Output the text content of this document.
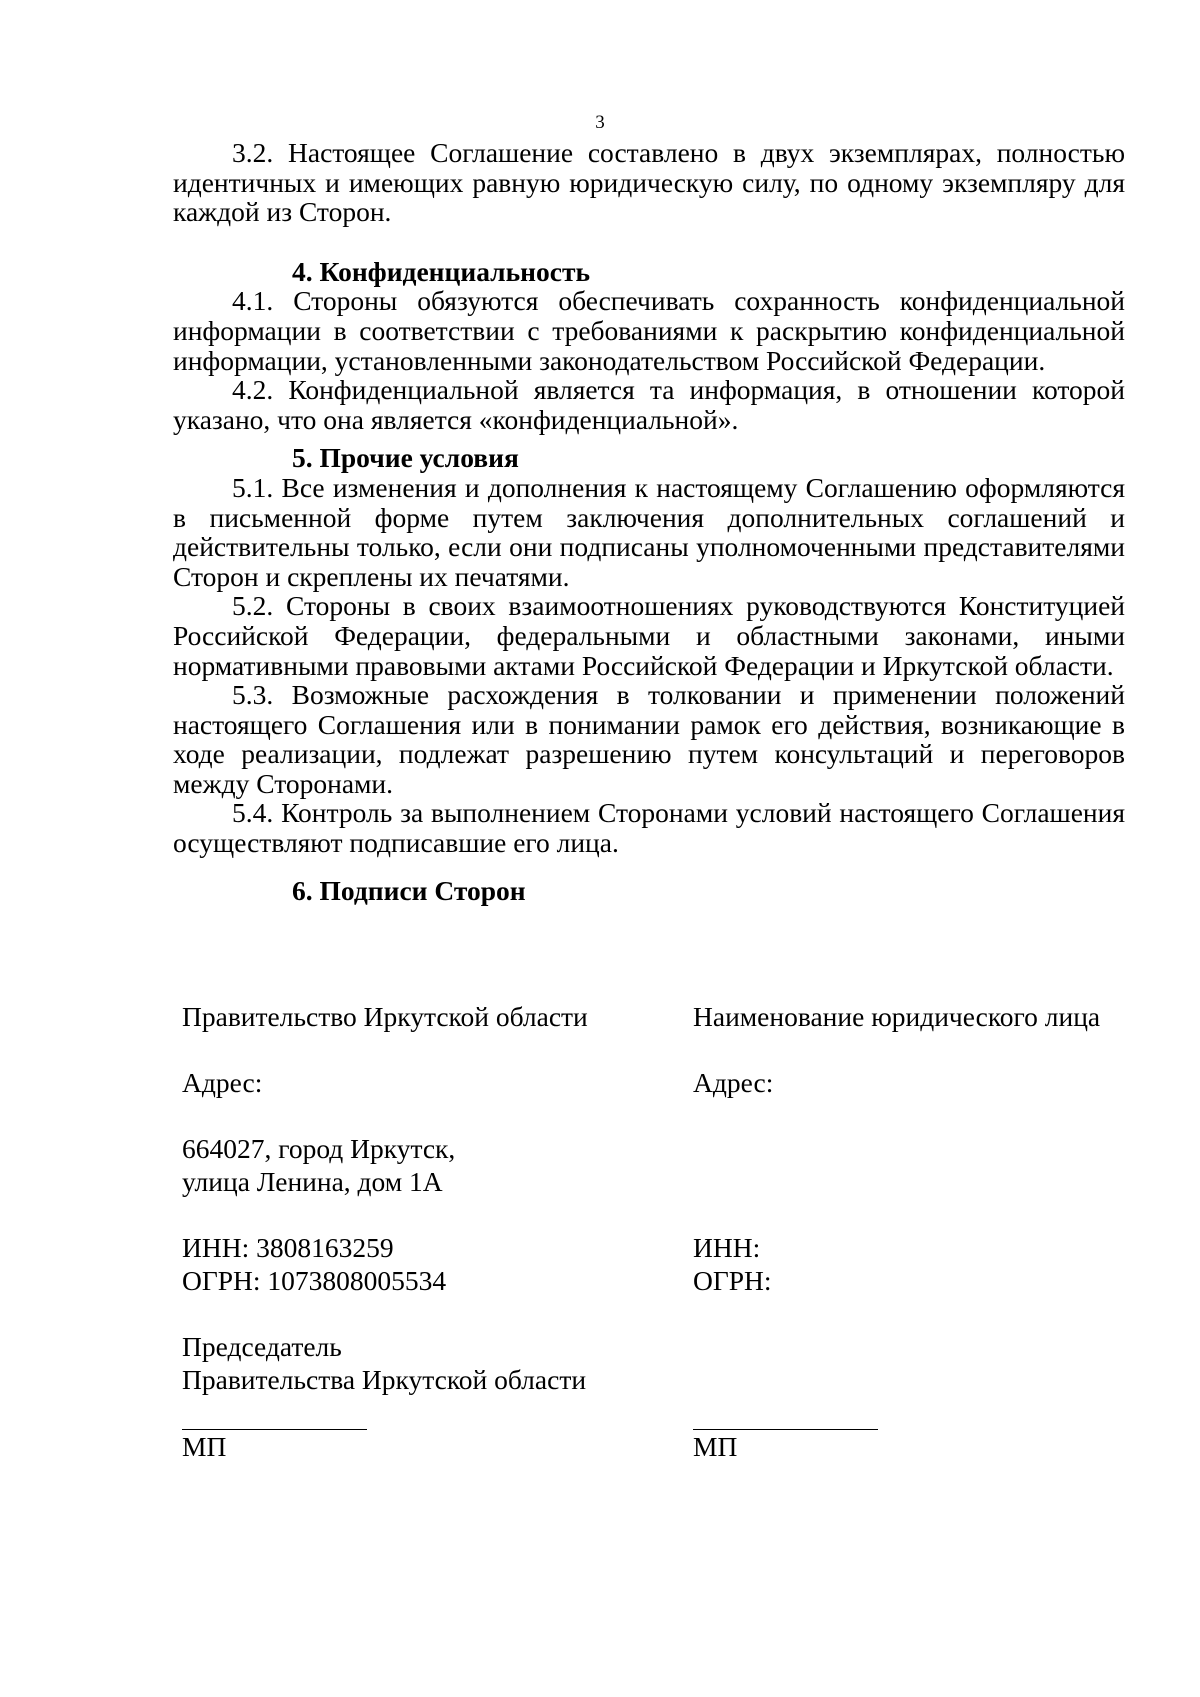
3

3.2. Настоящее Соглашение составлено в двух экземплярах, полностью идентичных и имеющих равную юридическую силу, по одному экземпляру для каждой из Сторон.

4. Конфиденциальность

4.1. Стороны обязуются обеспечивать сохранность конфиденциальной информации в соответствии с требованиями к раскрытию конфиденциальной информации, установленными законодательством Российской Федерации.

4.2. Конфиденциальной является та информация, в отношении которой указано, что она является «конфиденциальной».

5. Прочие условия

5.1. Все изменения и дополнения к настоящему Соглашению оформляются в письменной форме путем заключения дополнительных соглашений и действительны только, если они подписаны уполномоченными представителями Сторон и скреплены их печатями.

5.2. Стороны в своих взаимоотношениях руководствуются Конституцией Российской Федерации, федеральными и областными законами, иными нормативными правовыми актами Российской Федерации и Иркутской области.

5.3. Возможные расхождения в толковании и применении положений настоящего Соглашения или в понимании рамок его действия, возникающие в ходе реализации, подлежат разрешению путем консультаций и переговоров между Сторонами.

5.4. Контроль за выполнением Сторонами условий настоящего Соглашения осуществляют подписавшие его лица.

6. Подписи Сторон

Правительство Иркутской области
Адрес:
664027, город Иркутск,
улица Ленина, дом 1А
ИНН: 3808163259
ОГРН: 1073808005534
Председатель
Правительства Иркутской области
МП
Наименование юридического лица
Адрес:
ИНН:
ОГРН:
МП
